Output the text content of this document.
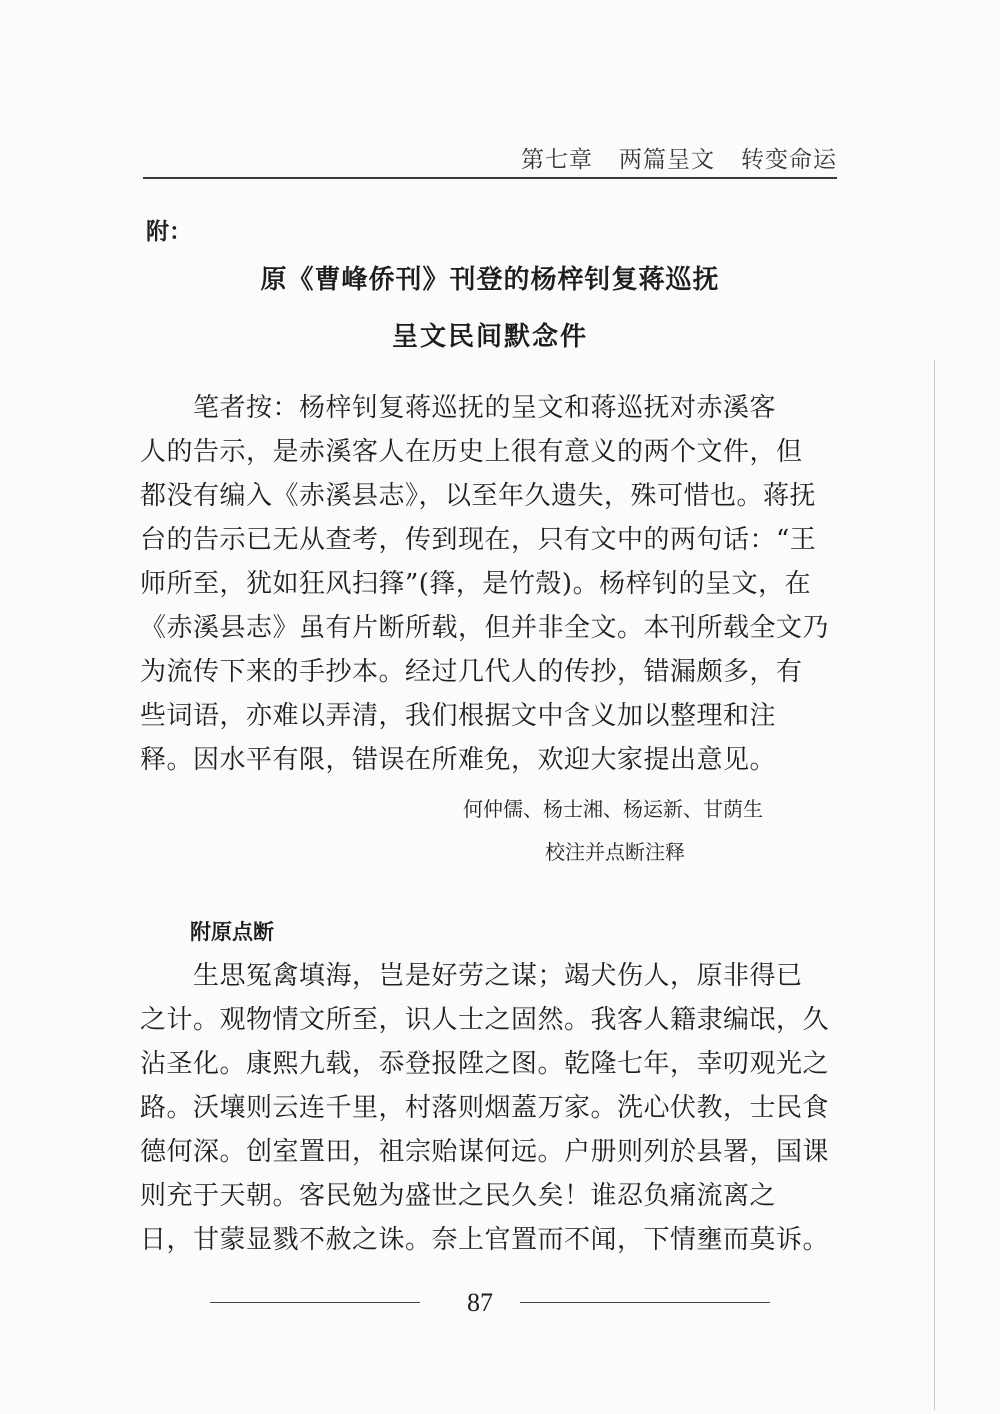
第七章 两篇呈文 转变命运
附：
原《曹峰侨刊》刊登的杨梓钊复蒋巡抚
呈文民间默念件
　　笔者按：杨梓钊复蒋巡抚的呈文和蒋巡抚对赤溪客
人的告示，是赤溪客人在历史上很有意义的两个文件，但
都没有编入《赤溪县志》，以至年久遗失，殊可惜也。蒋抚
台的告示已无从查考，传到现在，只有文中的两句话：“王
师所至，犹如狂风扫箨”(箨，是竹殼)。杨梓钊的呈文，在
《赤溪县志》虽有片断所载，但并非全文。本刊所载全文乃
为流传下来的手抄本。经过几代人的传抄，错漏颇多，有
些词语，亦难以弄清，我们根据文中含义加以整理和注
释。因水平有限，错误在所难免，欢迎大家提出意见。
何仲儒、杨士湘、杨运新、甘荫生
校注并点断注释
附原点断
　　生思冤禽填海，岂是好劳之谋；竭犬伤人，原非得已
之计。观物情文所至，识人士之固然。我客人籍隶编氓，久
沾圣化。康熙九载，忝登报陞之图。乾隆七年，幸叨观光之
路。沃壤则云连千里，村落则烟蓋万家。洗心伏教，士民食
德何深。创室置田，祖宗贻谋何远。户册则列於县署，国课
则充于天朝。客民勉为盛世之民久矣！谁忍负痛流离之
日，甘蒙显戮不赦之诛。奈上官置而不闻，下情壅而莫诉。
87
